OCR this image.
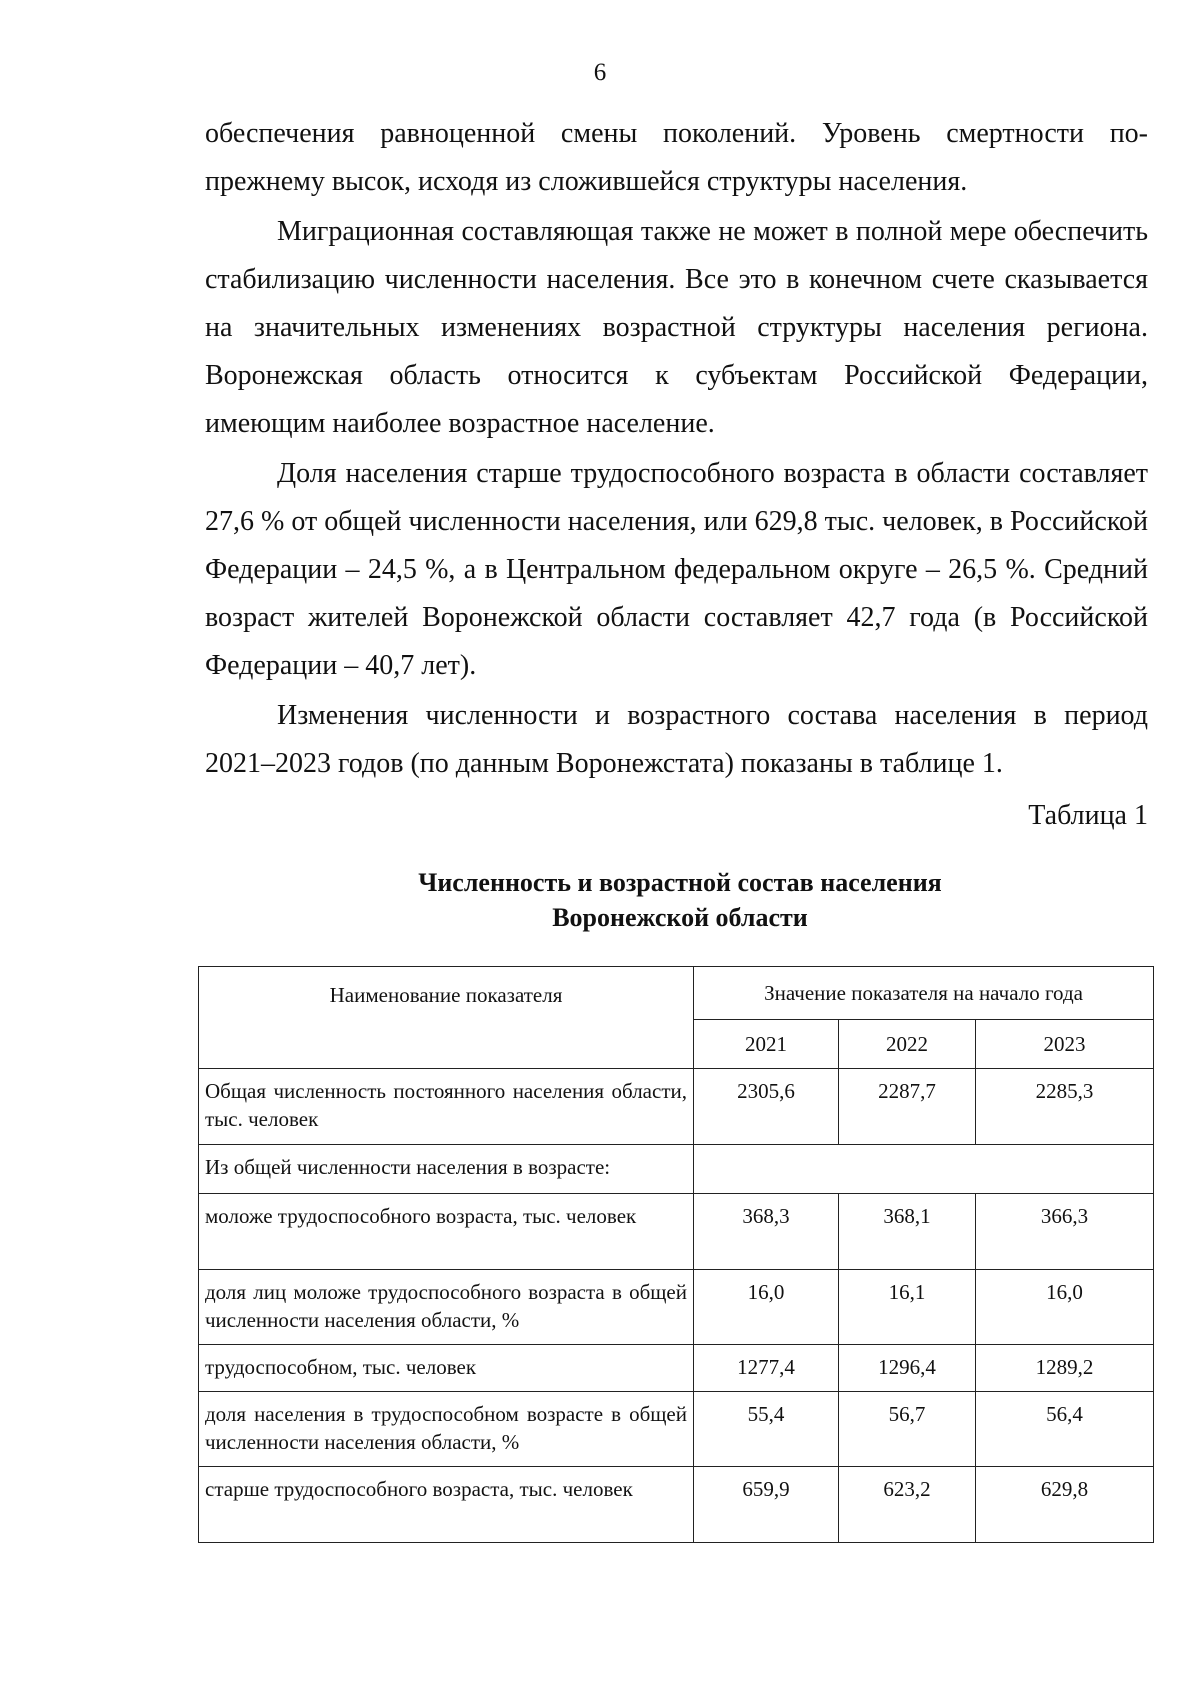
6

обеспечения равноценной смены поколений. Уровень смертности по-прежнему высок, исходя из сложившейся структуры населения.

Миграционная составляющая также не может в полной мере обеспечить стабилизацию численности населения. Все это в конечном счете сказывается на значительных изменениях возрастной структуры населения региона. Воронежская область относится к субъектам Российской Федерации, имеющим наиболее возрастное население.

Доля населения старше трудоспособного возраста в области составляет 27,6 % от общей численности населения, или 629,8 тыс. человек, в Российской Федерации – 24,5 %, а в Центральном федеральном округе – 26,5 %. Средний возраст жителей Воронежской области составляет 42,7 года (в Российской Федерации – 40,7 лет).

Изменения численности и возрастного состава населения в период 2021–2023 годов (по данным Воронежстата) показаны в таблице 1.

Таблица 1
Численность и возрастной состав населения
Воронежской области
Наименование показателя	Значение показателя на начало года		
	2021	2022	2023
Общая численность постоянного населения области, тыс. человек	2305,6	2287,7	2285,3
Из общей численности населения в возрасте:			
моложе трудоспособного возраста, тыс. человек	368,3	368,1	366,3
доля лиц моложе трудоспособного возраста в общей численности населения области, %	16,0	16,1	16,0
трудоспособном, тыс. человек	1277,4	1296,4	1289,2
доля населения в трудоспособном возрасте в общей численности населения области, %	55,4	56,7	56,4
старше трудоспособного возраста, тыс. человек	659,9	623,2	629,8
